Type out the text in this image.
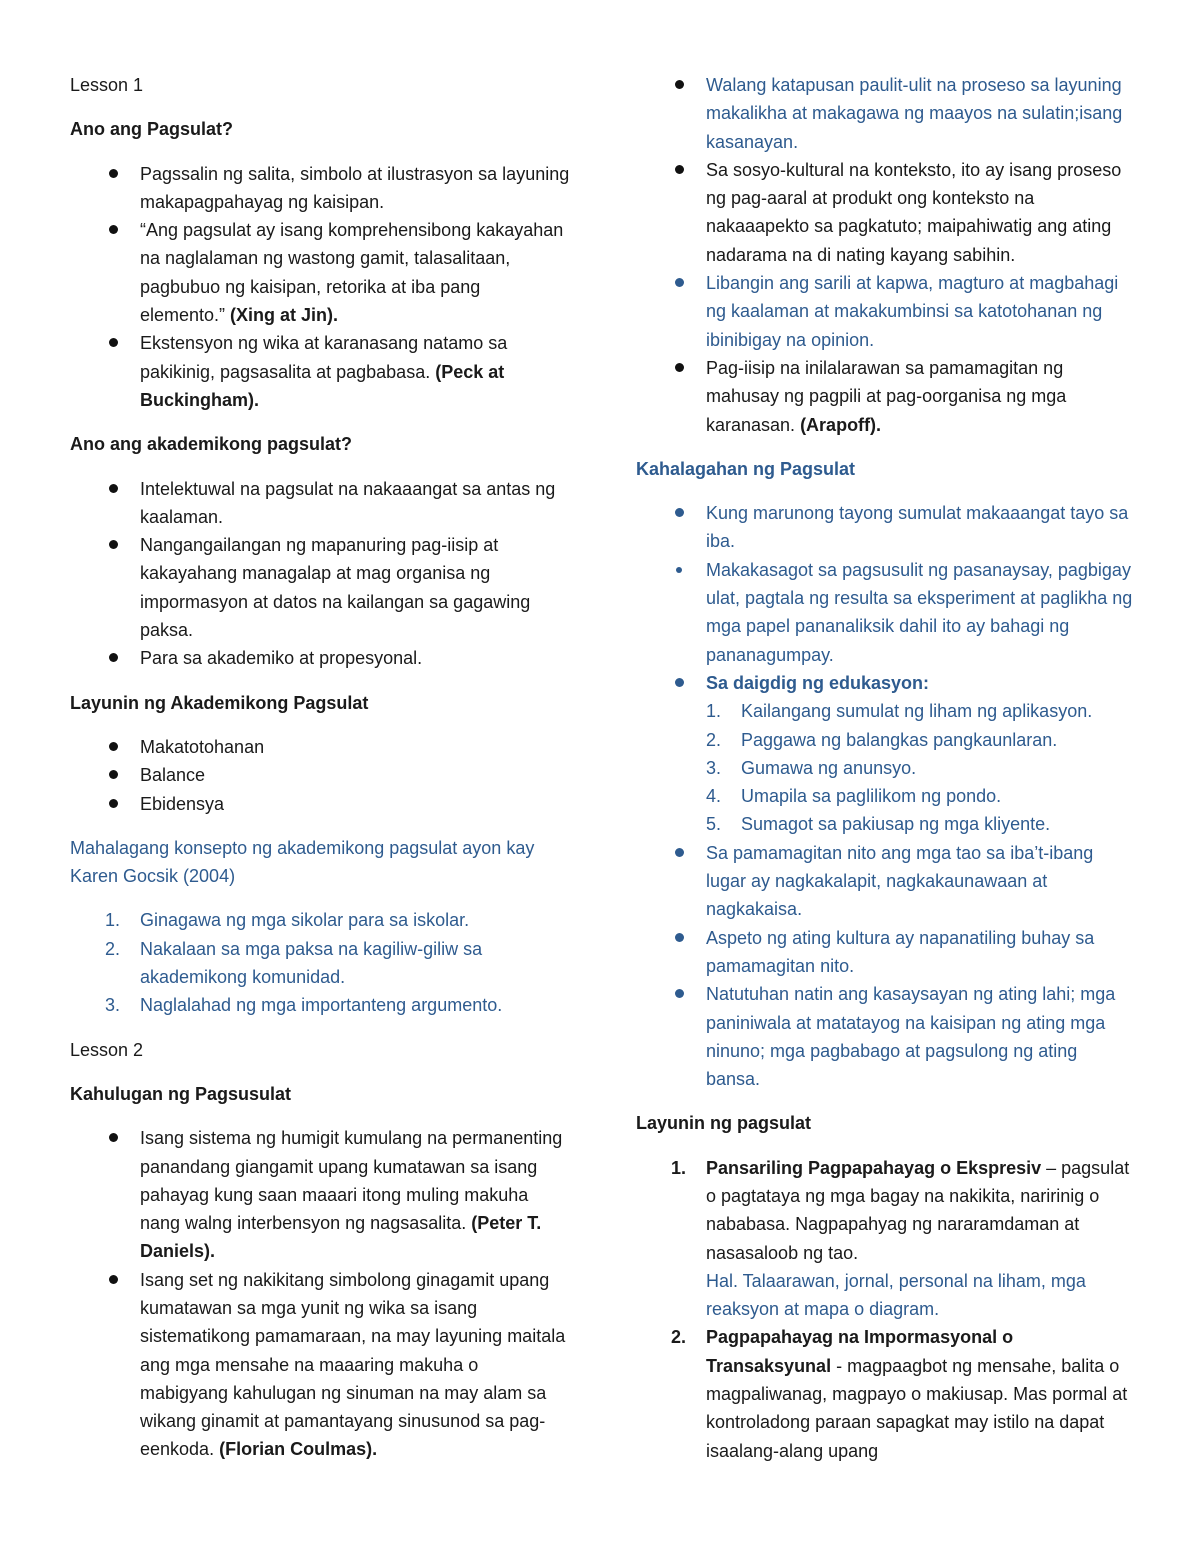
Lesson 1

Ano ang Pagsulat?

Pagssalin ng salita, simbolo at ilustrasyon sa layuning makapagpahayag ng kaisipan.
“Ang pagsulat ay isang komprehensibong kakayahan na naglalaman ng wastong gamit, talasalitaan, pagbubuo ng kaisipan, retorika at iba pang elemento.” (Xing at Jin).
Ekstensyon ng wika at karanasang natamo sa pakikinig, pagsasalita at pagbabasa. (Peck at Buckingham).

Ano ang akademikong pagsulat?

Intelektuwal na pagsulat na nakaaangat sa antas ng kaalaman.
Nangangailangan ng mapanuring pag-iisip at kakayahang managalap at mag organisa ng impormasyon at datos na kailangan sa gagawing paksa.
Para sa akademiko at propesyonal.

Layunin ng Akademikong Pagsulat

Makatotohanan
Balance
Ebidensya

Mahalagang konsepto ng akademikong pagsulat ayon kay Karen Gocsik (2004)

1.	Ginagawa ng mga sikolar para sa iskolar.
2.	Nakalaan sa mga paksa na kagiliw-giliw sa akademikong komunidad.
3.	Naglalahad ng mga importanteng argumento.

Lesson 2

Kahulugan ng Pagsusulat

Isang sistema ng humigit kumulang na permanenting panandang giangamit upang kumatawan sa isang pahayag kung saan maaari itong muling makuha nang walng interbensyon ng nagsasalita. (Peter T. Daniels).
Isang set ng nakikitang simbolong ginagamit upang kumatawan sa mga yunit ng wika sa isang sistematikong pamamaraan, na may layuning maitala ang mga mensahe na maaaring makuha o mabigyang kahulugan ng sinuman na may alam sa wikang ginamit at pamantayang sinusunod sa pag-eenkoda. (Florian Coulmas).
Walang katapusan paulit-ulit na proseso sa layuning makalikha at makagawa ng maayos na sulatin;isang kasanayan.
Sa sosyo-kultural na konteksto, ito ay isang proseso ng pag-aaral at produkt ong konteksto na nakaaapekto sa pagkatuto; maipahiwatig ang ating nadarama na di nating kayang sabihin.
Libangin ang sarili at kapwa, magturo at magbahagi ng kaalaman at makakumbinsi sa katotohanan ng ibinibigay na opinion.
Pag-iisip na inilalarawan sa pamamagitan ng mahusay ng pagpili at pag-oorganisa ng mga karanasan. (Arapoff).

Kahalagahan ng Pagsulat

Kung marunong tayong sumulat makaaangat tayo sa iba.
Makakasagot sa pagsusulit ng pasanaysay, pagbigay ulat, pagtala ng resulta sa eksperiment at paglikha ng mga papel pananaliksik dahil ito ay bahagi ng pananagumpay.
Sa daigdig ng edukasyon:
1.	Kailangang sumulat ng liham ng aplikasyon.
2.	Paggawa ng balangkas pangkaunlaran.
3.	Gumawa ng anunsyo.
4.	Umapila sa paglilikom ng pondo.
5.	Sumagot sa pakiusap ng mga kliyente.
Sa pamamagitan nito ang mga tao sa iba’t-ibang lugar ay nagkakalapit, nagkakaunawaan at nagkakaisa.
Aspeto ng ating kultura ay napanatiling buhay sa pamamagitan nito.
Natutuhan natin ang kasaysayan ng ating lahi; mga paniniwala at matatayog na kaisipan ng ating mga ninuno; mga pagbabago at pagsulong ng ating bansa.

Layunin ng pagsulat

1.	Pansariling Pagpapahayag o Ekspresiv – pagsulat o pagtataya ng mga bagay na nakikita, naririnig o nababasa. Nagpapahyag ng nararamdaman at nasasaloob ng tao.
Hal. Talaarawan, jornal, personal na liham, mga reaksyon at mapa o diagram.
2.	Pagpapahayag na Impormasyonal o Transaksyunal - magpaagbot ng mensahe, balita o magpaliwanag, magpayo o makiusap. Mas pormal at kontroladong paraan sapagkat may istilo na dapat isaalang-alang upang
